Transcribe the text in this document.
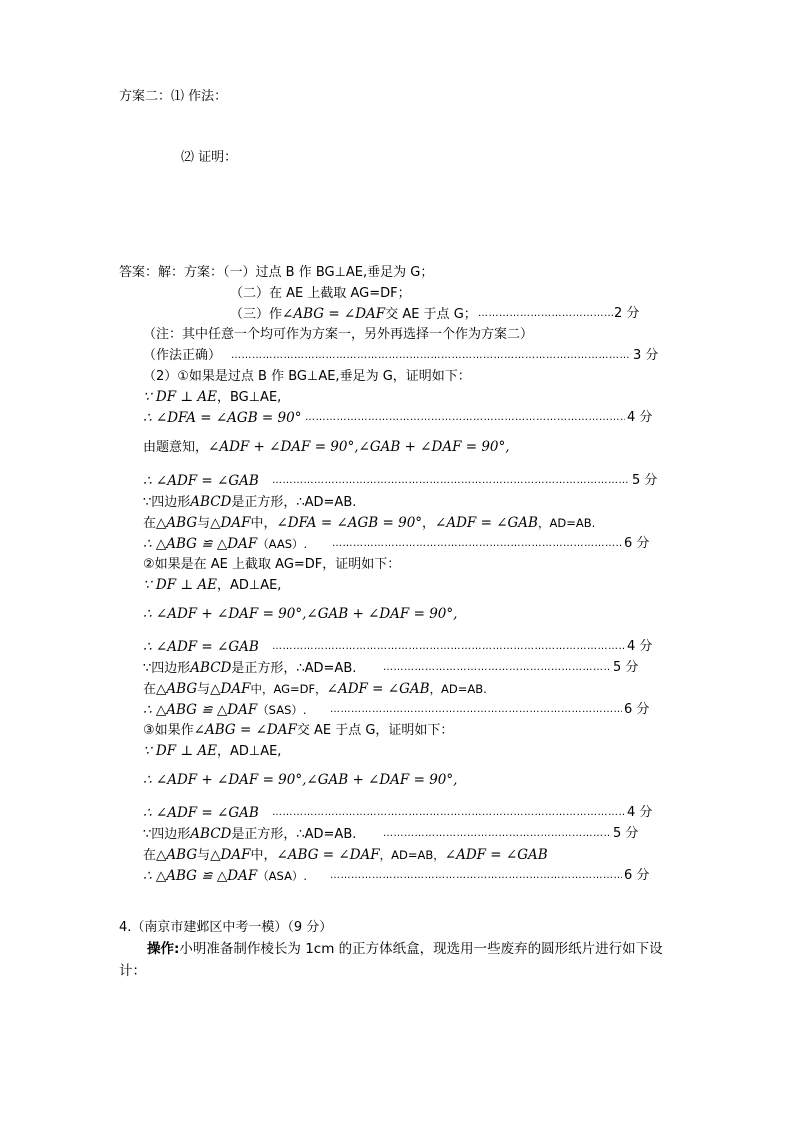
方案二：⑴ 作法：
⑵ 证明：
答案：解：方案：（一）过点 B 作 BG⊥AE,垂足为 G；
（二）在 AE 上截取 AG=DF；
（三）作∠ABG = ∠DAF交 AE 于点 G； ……………………………………………………………………………………………………………………………………………………………………	2 分
（注：其中任意一个均可作为方案一，另外再选择一个作为方案二）
（作法正确） ……………………………………………………………………………………………………………………………………………………………………	3 分
（2）①如果是过点 B 作 BG⊥AE,垂足为 G，证明如下：
∵ DF ⊥ AE，BG⊥AE,
∴ ∠DFA = ∠AGB = 90° ……………………………………………………………………………………………………………………………………………………………………	4 分
由题意知，∠ADF + ∠DAF = 90°,∠GAB + ∠DAF = 90°,
∴ ∠ADF = ∠GAB ……………………………………………………………………………………………………………………………………………………………………	5 分
∵四边形ABCD是正方形，∴AD=AB.
在△ABG与△DAF中，∠DFA = ∠AGB = 90°，∠ADF = ∠GAB，AD=AB.
∴ △ABG ≌ △DAF（AAS）. ……………………………………………………………………………………………………………………………………………………………………	6 分
②如果是在 AE 上截取 AG=DF，证明如下：
∵ DF ⊥ AE，AD⊥AE,
∴ ∠ADF + ∠DAF = 90°,∠GAB + ∠DAF = 90°,
∴ ∠ADF = ∠GAB ……………………………………………………………………………………………………………………………………………………………………	4 分
∵四边形ABCD是正方形，∴AD=AB. ……………………………………………………………………………………………………………………………………………………………………	5 分
在△ABG与△DAF中，AG=DF，∠ADF = ∠GAB，AD=AB.
∴ △ABG ≌ △DAF（SAS）. ……………………………………………………………………………………………………………………………………………………………………	6 分
③如果作∠ABG = ∠DAF交 AE 于点 G，证明如下：
∵ DF ⊥ AE，AD⊥AE,
∴ ∠ADF + ∠DAF = 90°,∠GAB + ∠DAF = 90°,
∴ ∠ADF = ∠GAB ……………………………………………………………………………………………………………………………………………………………………	4 分
∵四边形ABCD是正方形，∴AD=AB. ……………………………………………………………………………………………………………………………………………………………………	5 分
在△ABG与△DAF中，∠ABG = ∠DAF，AD=AB，∠ADF = ∠GAB
∴ △ABG ≌ △DAF（ASA）. ……………………………………………………………………………………………………………………………………………………………………	6 分
4.（南京市建邺区中考一模）（9 分）
操作:小明准备制作棱长为 1cm 的正方体纸盒，现选用一些废弃的圆形纸片进行如下设
计：
